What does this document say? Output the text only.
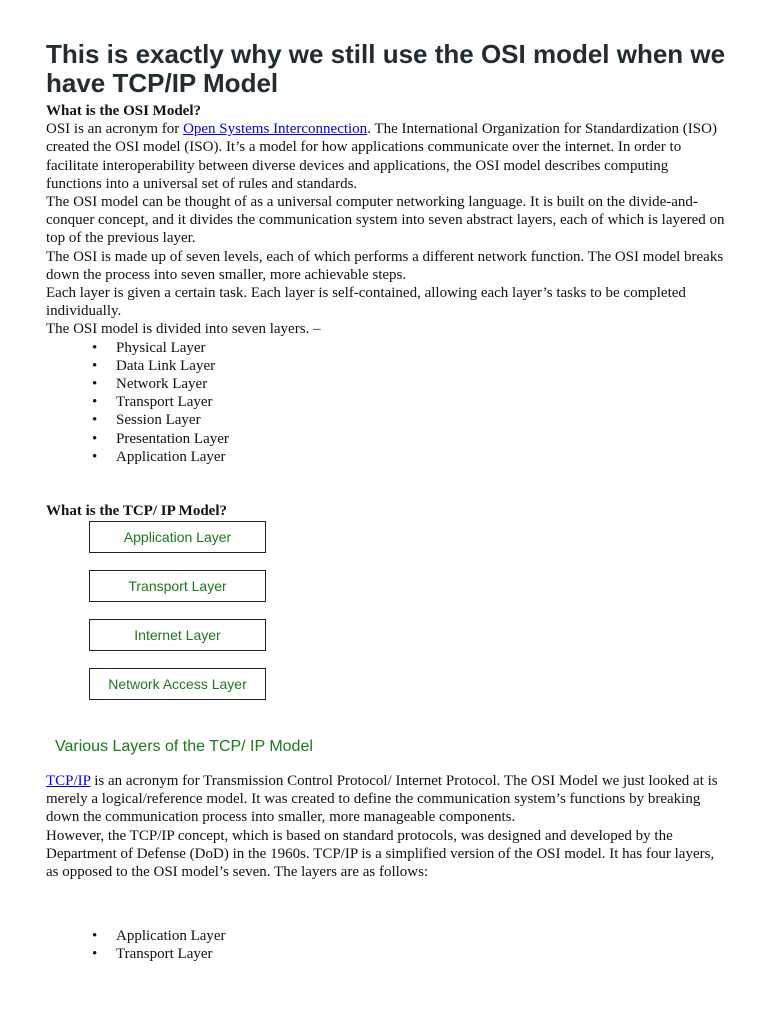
This is exactly why we still use the OSI model when we have TCP/IP Model

What is the OSI Model?

OSI is an acronym for Open Systems Interconnection. The International Organization for Standardization (ISO) created the OSI model (ISO). It’s a model for how applications communicate over the internet. In order to facilitate interoperability between diverse devices and applications, the OSI model describes computing functions into a universal set of rules and standards.

The OSI model can be thought of as a universal computer networking language. It is built on the divide-and-conquer concept, and it divides the communication system into seven abstract layers, each of which is layered on top of the previous layer.

The OSI is made up of seven levels, each of which performs a different network function. The OSI model breaks down the process into seven smaller, more achievable steps.

Each layer is given a certain task. Each layer is self-contained, allowing each layer’s tasks to be completed individually.

The OSI model is divided into seven layers. –

• Physical Layer
• Data Link Layer
• Network Layer
• Transport Layer
• Session Layer
• Presentation Layer
• Application Layer

What is the TCP/ IP Model?

Application Layer
Transport Layer
Internet Layer
Network Access Layer
Various Layers of the TCP/ IP Model

TCP/IP is an acronym for Transmission Control Protocol/ Internet Protocol. The OSI Model we just looked at is merely a logical/reference model. It was created to define the communication system’s functions by breaking down the communication process into smaller, more manageable components.

However, the TCP/IP concept, which is based on standard protocols, was designed and developed by the Department of Defense (DoD) in the 1960s. TCP/IP is a simplified version of the OSI model. It has four layers, as opposed to the OSI model’s seven. The layers are as follows:

• Application Layer
• Transport Layer
